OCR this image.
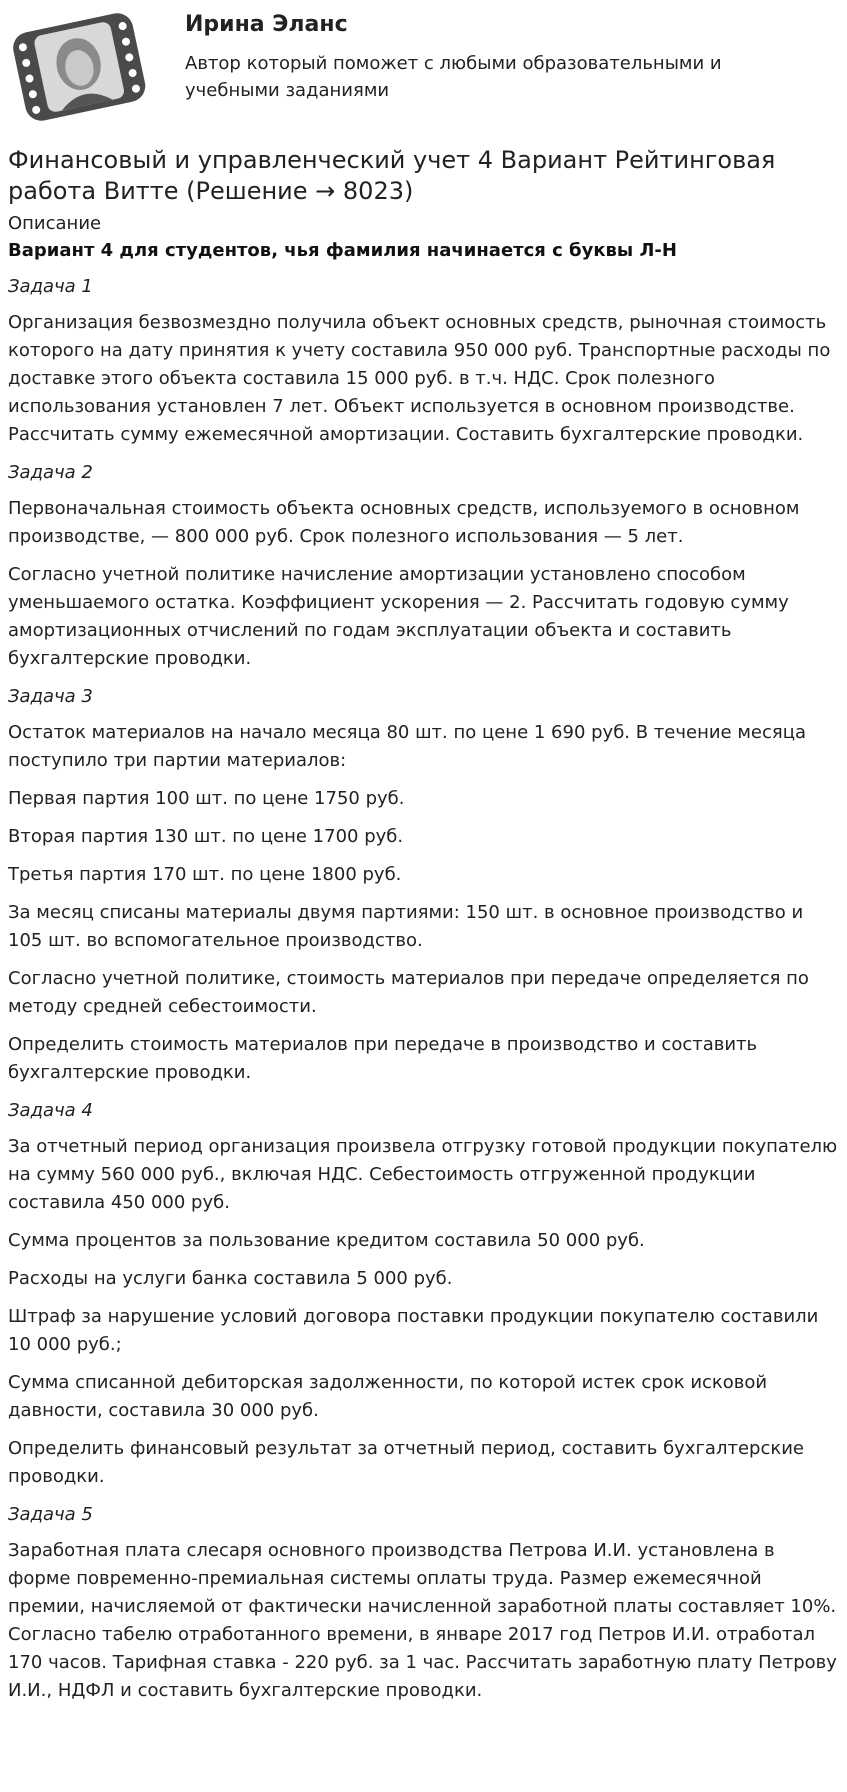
Ирина Эланс
Автор который поможет с любыми образовательными и учебными заданиями
Финансовый и управленческий учет 4 Вариант Рейтинговая работа Витте (Решение → 8023)
Описание

Вариант 4 для студентов, чья фамилия начинается с буквы Л-Н

Задача 1

Организация безвозмездно получила объект основных средств, рыночная стоимость которого на дату принятия к учету составила 950 000 руб. Транспортные расходы по доставке этого объекта составила 15 000 руб. в т.ч. НДС. Срок полезного использования установлен 7 лет. Объект используется в основном производстве. Рассчитать сумму ежемесячной амортизации. Составить бухгалтерские проводки.

Задача 2

Первоначальная стоимость объекта основных средств, используемого в основном производстве, — 800 000 руб. Срок полезного использования — 5 лет.

Согласно учетной политике начисление амортизации установлено способом уменьшаемого остатка. Коэффициент ускорения — 2. Рассчитать годовую сумму амортизационных отчислений по годам эксплуатации объекта и составить бухгалтерские проводки.

Задача 3

Остаток материалов на начало месяца 80 шт. по цене 1 690 руб. В течение месяца поступило три партии материалов:

Первая партия 100 шт. по цене 1750 руб.

Вторая партия 130 шт. по цене 1700 руб.

Третья партия 170 шт. по цене 1800 руб.

За месяц списаны материалы двумя партиями: 150 шт. в основное производство и 105 шт. во вспомогательное производство.

Согласно учетной политике, стоимость материалов при передаче определяется по методу средней себестоимости.

Определить стоимость материалов при передаче в производство и составить бухгалтерские проводки.

Задача 4

За отчетный период организация произвела отгрузку готовой продукции покупателю на сумму 560 000 руб., включая НДС. Себестоимость отгруженной продукции составила 450 000 руб.

Сумма процентов за пользование кредитом составила 50 000 руб.

Расходы на услуги банка составила 5 000 руб.

Штраф за нарушение условий договора поставки продукции покупателю составили 10 000 руб.;

Сумма списанной дебиторская задолженности, по которой истек срок исковой давности, составила 30 000 руб.

Определить финансовый результат за отчетный период, составить бухгалтерские проводки.

Задача 5

Заработная плата слесаря основного производства Петрова И.И. установлена в форме повременно-премиальная системы оплаты труда. Размер ежемесячной премии, начисляемой от фактически начисленной заработной платы составляет 10%. Согласно табелю отработанного времени, в январе 2017 год Петров И.И. отработал 170 часов. Тарифная ставка - 220 руб. за 1 час. Рассчитать заработную плату Петрову И.И., НДФЛ и составить бухгалтерские проводки.
